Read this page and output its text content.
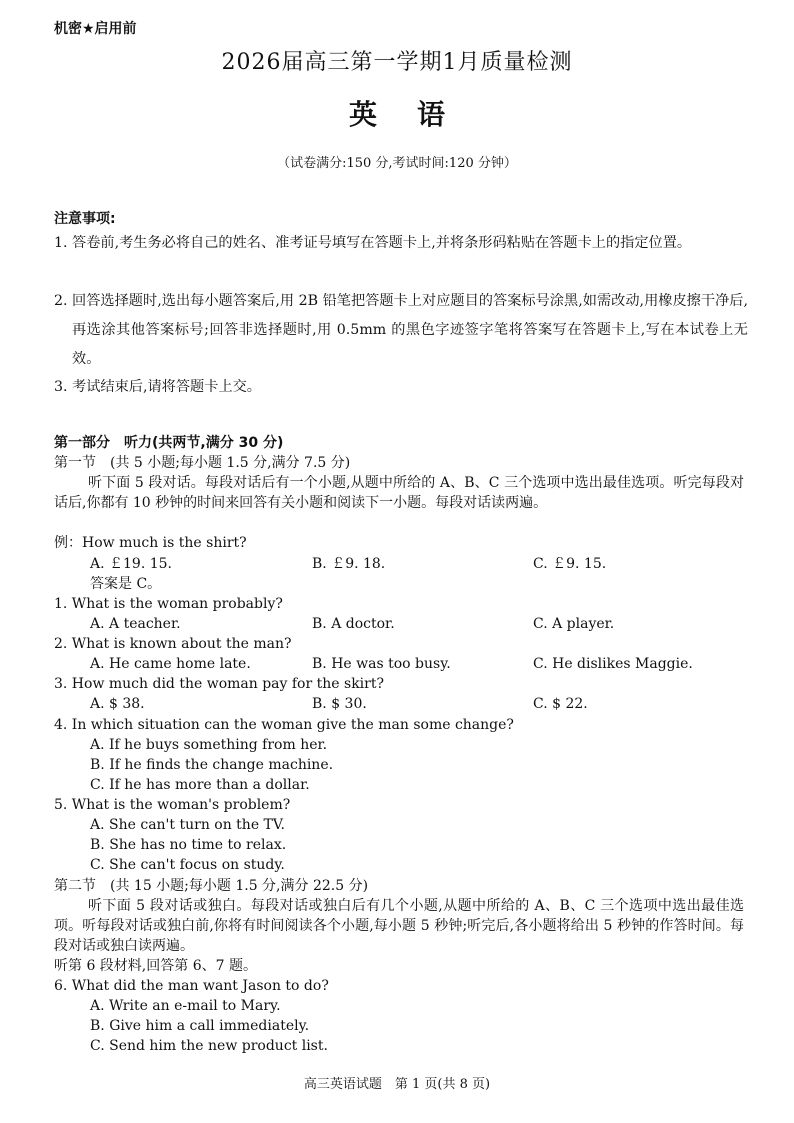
机密★启用前
2026届高三第一学期1月质量检测
英语
（试卷满分:150 分,考试时间:120 分钟）
注意事项:
1. 答卷前,考生务必将自己的姓名、准考证号填写在答题卡上,并将条形码粘贴在答题卡上的指定位置。
2. 回答选择题时,选出每小题答案后,用 2B 铅笔把答题卡上对应题目的答案标号涂黑,如需改动,用橡皮擦干净后,再选涂其他答案标号;回答非选择题时,用 0.5mm 的黑色字迹签字笔将答案写在答题卡上,写在本试卷上无效。
3. 考试结束后,请将答题卡上交。
第一部分　听力(共两节,满分 30 分)
第一节　(共 5 小题;每小题 1.5 分,满分 7.5 分)
听下面 5 段对话。每段对话后有一个小题,从题中所给的 A、B、C 三个选项中选出最佳选项。听完每段对话后,你都有 10 秒钟的时间来回答有关小题和阅读下一小题。每段对话读两遍。
例：How much is the shirt?
A. ￡19. 15.	B. ￡9. 18.	C. ￡9. 15.
答案是 C。
1. What is the woman probably?
A. A teacher.	B. A doctor.	C. A player.
2. What is known about the man?
A. He came home late.	B. He was too busy.	C. He dislikes Maggie.
3. How much did the woman pay for the skirt?
A. $ 38.	B. $ 30.	C. $ 22.
4. In which situation can the woman give the man some change?
A. If he buys something from her.
B. If he finds the change machine.
C. If he has more than a dollar.
5. What is the woman's problem?
A. She can't turn on the TV.
B. She has no time to relax.
C. She can't focus on study.
第二节　(共 15 小题;每小题 1.5 分,满分 22.5 分)
听下面 5 段对话或独白。每段对话或独白后有几个小题,从题中所给的 A、B、C 三个选项中选出最佳选项。听每段对话或独白前,你将有时间阅读各个小题,每小题 5 秒钟;听完后,各小题将给出 5 秒钟的作答时间。每段对话或独白读两遍。
听第 6 段材料,回答第 6、7 题。
6. What did the man want Jason to do?
A. Write an e-mail to Mary.
B. Give him a call immediately.
C. Send him the new product list.
高三英语试题　第 1 页(共 8 页)
